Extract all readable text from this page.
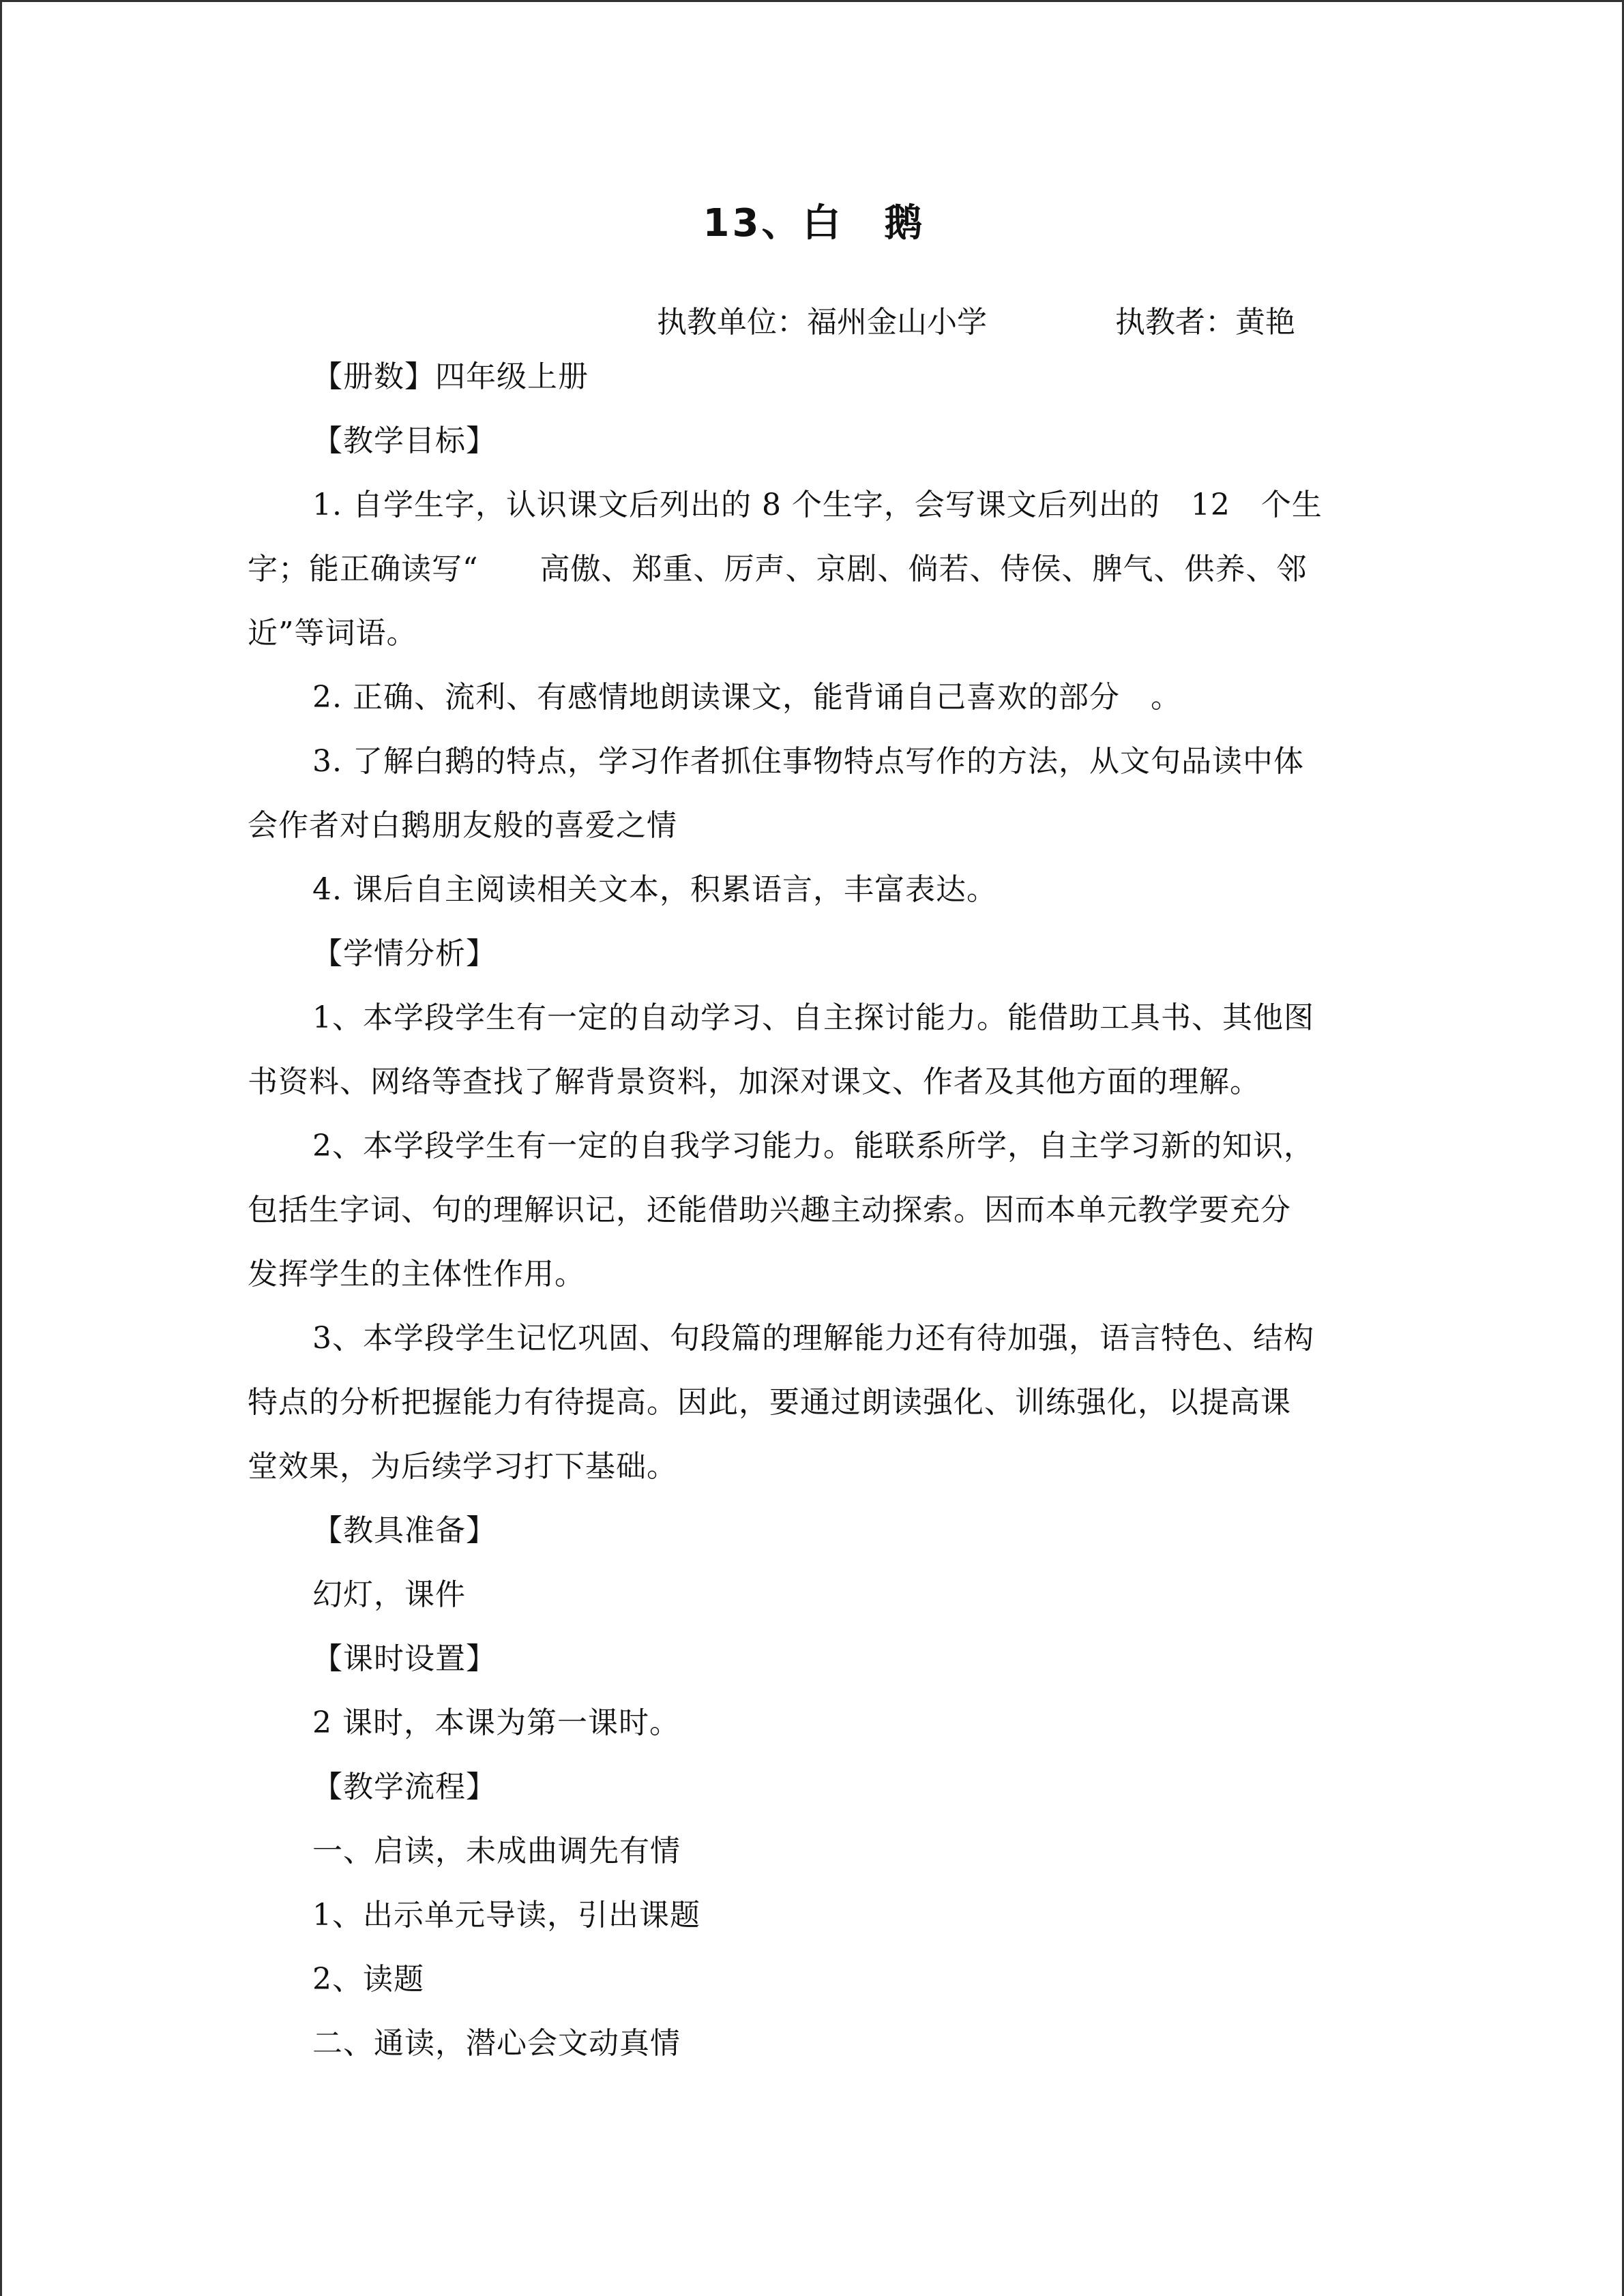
13、白　鹅
执教单位：福州金山小学	执教者：黄艳
【册数】四年级上册
【教学目标】
1. 自学生字，认识课文后列出的 8 个生字，会写课文后列出的　12　个生
字；能正确读写“　　高傲、郑重、厉声、京剧、倘若、侍侯、脾气、供养、邻
近”等词语。
2. 正确、流利、有感情地朗读课文，能背诵自己喜欢的部分　。
3. 了解白鹅的特点，学习作者抓住事物特点写作的方法，从文句品读中体
会作者对白鹅朋友般的喜爱之情
4. 课后自主阅读相关文本，积累语言，丰富表达。
【学情分析】
1、本学段学生有一定的自动学习、自主探讨能力。能借助工具书、其他图
书资料、网络等查找了解背景资料，加深对课文、作者及其他方面的理解。
2、本学段学生有一定的自我学习能力。能联系所学，自主学习新的知识，
包括生字词、句的理解识记，还能借助兴趣主动探索。因而本单元教学要充分
发挥学生的主体性作用。
3、本学段学生记忆巩固、句段篇的理解能力还有待加强，语言特色、结构
特点的分析把握能力有待提高。因此，要通过朗读强化、训练强化，以提高课
堂效果，为后续学习打下基础。
【教具准备】
幻灯，课件
【课时设置】
2 课时，本课为第一课时。
【教学流程】
一、启读，未成曲调先有情
1、出示单元导读，引出课题
2、读题
二、通读，潜心会文动真情
